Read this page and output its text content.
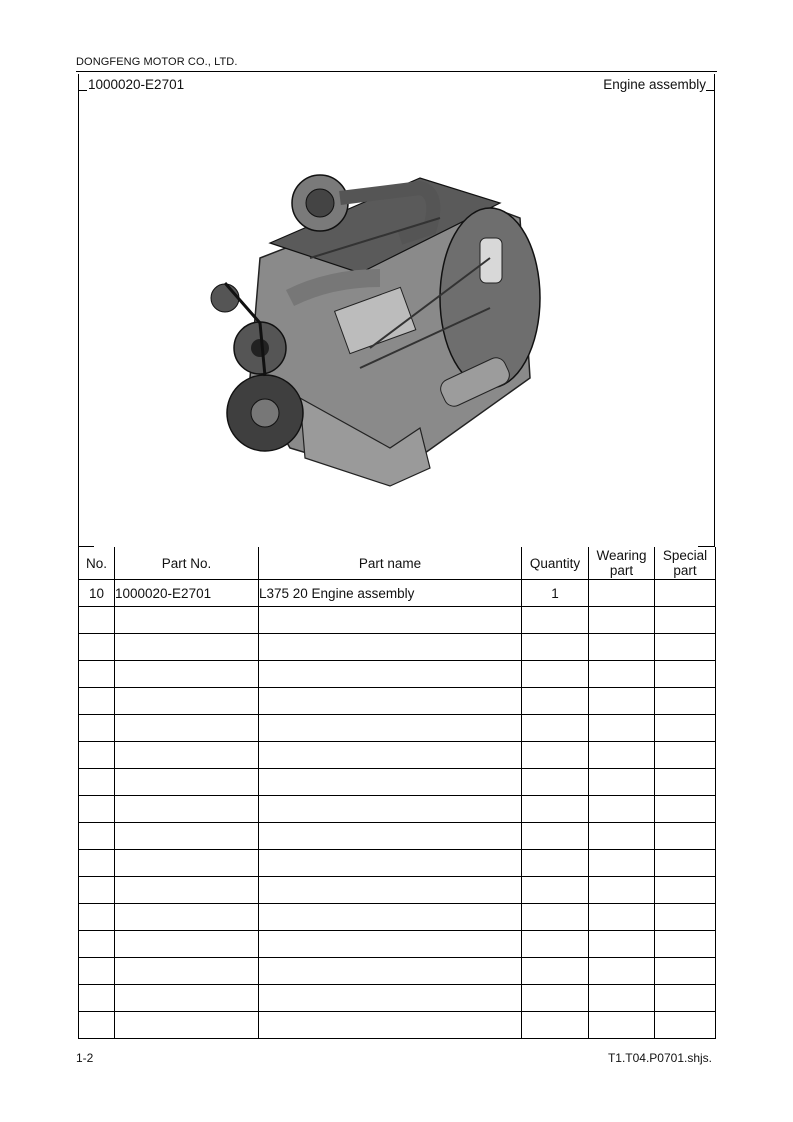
DONGFENG MOTOR CO., LTD.
1000020-E2701	Engine assembly
No.	Part No.	Part name	Quantity	Wearing part	Special part
10	1000020-E2701	L375 20 Engine assembly	1		

1-2	T1.T04.P0701.shjs.
